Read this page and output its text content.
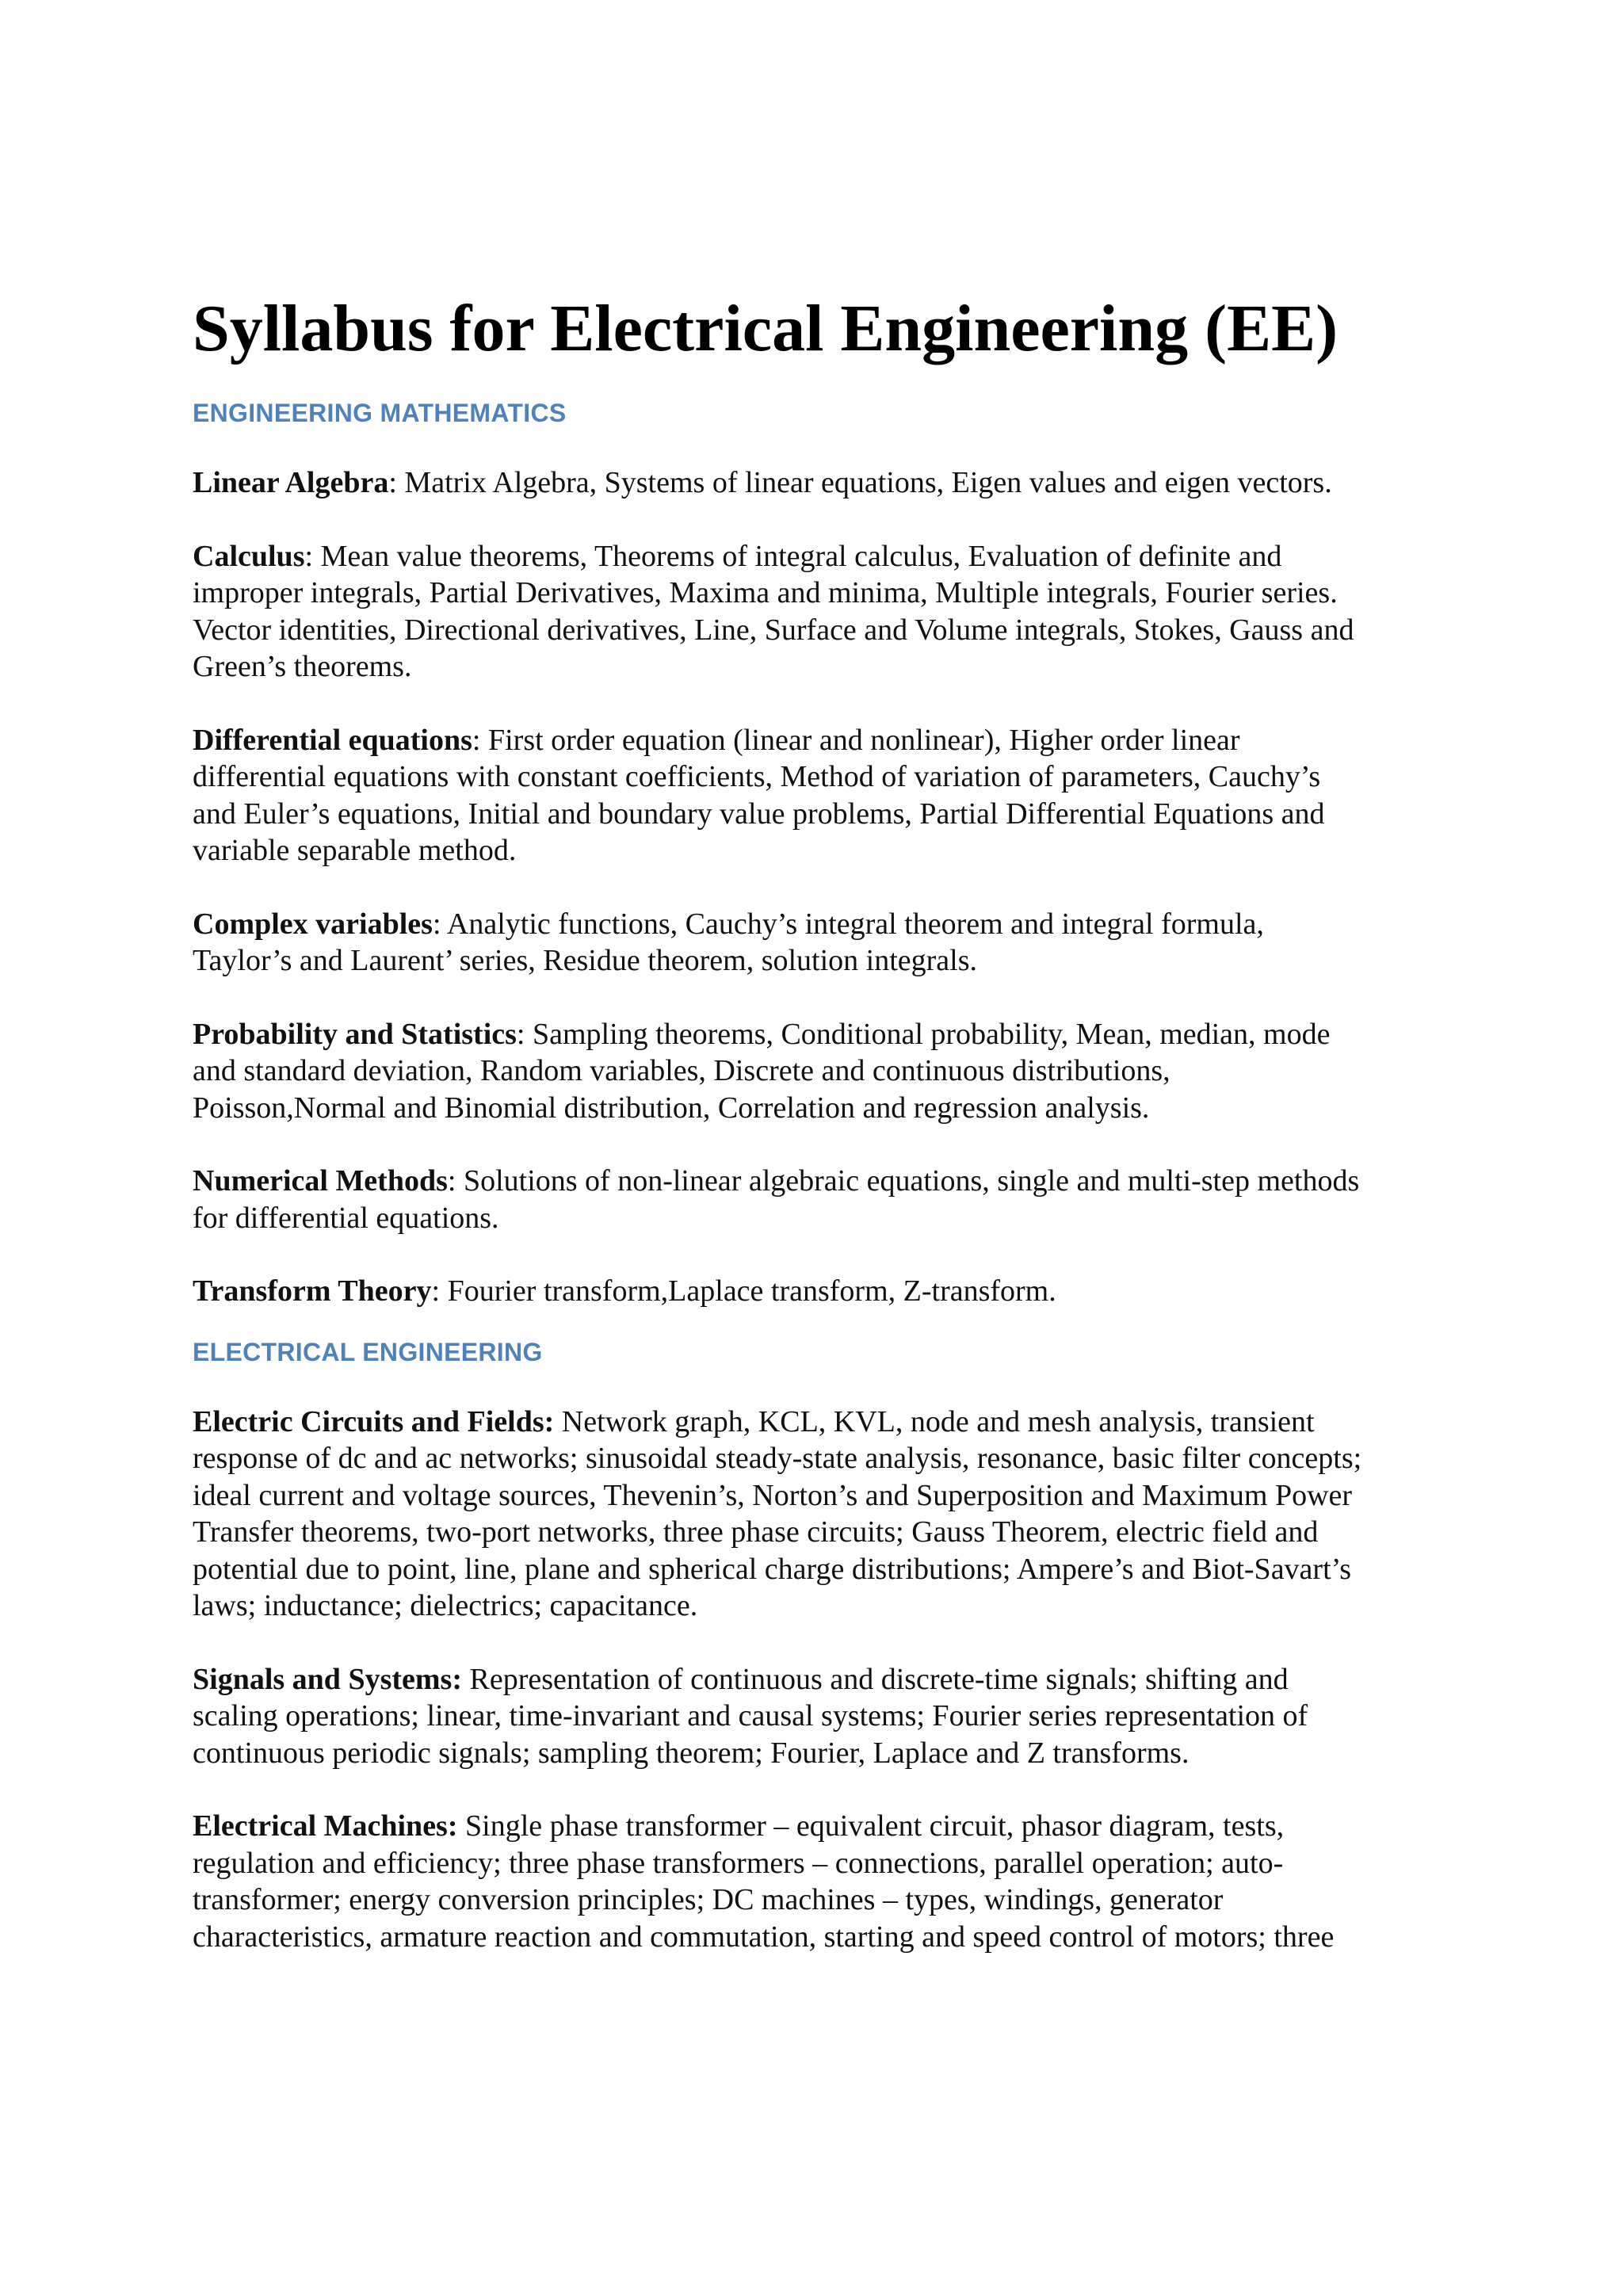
Syllabus for Electrical Engineering (EE)
ENGINEERING MATHEMATICS

Linear Algebra: Matrix Algebra, Systems of linear equations, Eigen values and eigen vectors.

Calculus: Mean value theorems, Theorems of integral calculus, Evaluation of definite and
improper integrals, Partial Derivatives, Maxima and minima, Multiple integrals, Fourier series.
Vector identities, Directional derivatives, Line, Surface and Volume integrals, Stokes, Gauss and
Green’s theorems.

Differential equations: First order equation (linear and nonlinear), Higher order linear
differential equations with constant coefficients, Method of variation of parameters, Cauchy’s
and Euler’s equations, Initial and boundary value problems, Partial Differential Equations and
variable separable method.

Complex variables: Analytic functions, Cauchy’s integral theorem and integral formula,
Taylor’s and Laurent’ series, Residue theorem, solution integrals.

Probability and Statistics: Sampling theorems, Conditional probability, Mean, median, mode
and standard deviation, Random variables, Discrete and continuous distributions,
Poisson,Normal and Binomial distribution, Correlation and regression analysis.

Numerical Methods: Solutions of non-linear algebraic equations, single and multi-step methods
for differential equations.

Transform Theory: Fourier transform,Laplace transform, Z-transform.

ELECTRICAL ENGINEERING

Electric Circuits and Fields: Network graph, KCL, KVL, node and mesh analysis, transient
response of dc and ac networks; sinusoidal steady-state analysis, resonance, basic filter concepts;
ideal current and voltage sources, Thevenin’s, Norton’s and Superposition and Maximum Power
Transfer theorems, two-port networks, three phase circuits; Gauss Theorem, electric field and
potential due to point, line, plane and spherical charge distributions; Ampere’s and Biot-Savart’s
laws; inductance; dielectrics; capacitance.

Signals and Systems: Representation of continuous and discrete-time signals; shifting and
scaling operations; linear, time-invariant and causal systems; Fourier series representation of
continuous periodic signals; sampling theorem; Fourier, Laplace and Z transforms.

Electrical Machines: Single phase transformer – equivalent circuit, phasor diagram, tests,
regulation and efficiency; three phase transformers – connections, parallel operation; auto-
transformer; energy conversion principles; DC machines – types, windings, generator
characteristics, armature reaction and commutation, starting and speed control of motors; three
